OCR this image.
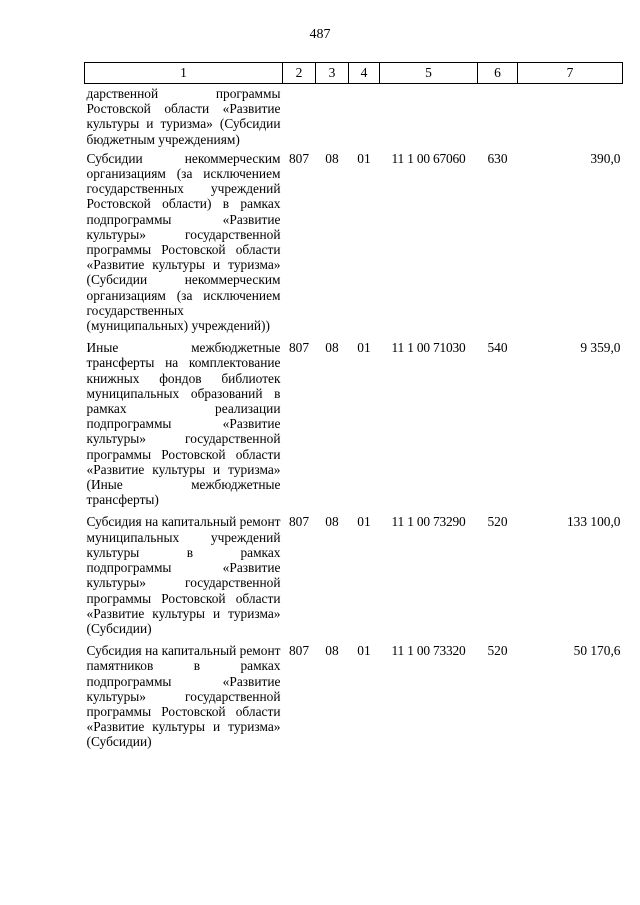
487
1	2	3	4	5	6	7
дарственной программы Ростовской области «Развитие культуры и туризма» (Субсидии бюджетным учреждениям)						
Субсидии некоммерческим организациям (за исключением государственных учреждений Ростовской области) в рамках подпрограммы «Развитие культуры» государственной программы Ростовской области «Развитие культуры и туризма» (Субсидии некоммерческим организациям (за исключением государственных (муниципальных) учреждений))	807	08	01	11 1 00 67060	630	390,0
Иные межбюджетные трансферты на комплектование книжных фондов библиотек муниципальных образований в рамках реализации подпрограммы «Развитие культуры» государственной программы Ростовской области «Развитие культуры и туризма» (Иные межбюджетные трансферты)	807	08	01	11 1 00 71030	540	9 359,0
Субсидия на капитальный ремонт муниципальных учреждений культуры в рамках подпрограммы «Развитие культуры» государственной программы Ростовской области «Развитие культуры и туризма» (Субсидии)	807	08	01	11 1 00 73290	520	133 100,0
Субсидия на капитальный ремонт памятников в рамках подпрограммы «Развитие культуры» государственной программы Ростовской области «Развитие культуры и туризма» (Субсидии)	807	08	01	11 1 00 73320	520	50 170,6
